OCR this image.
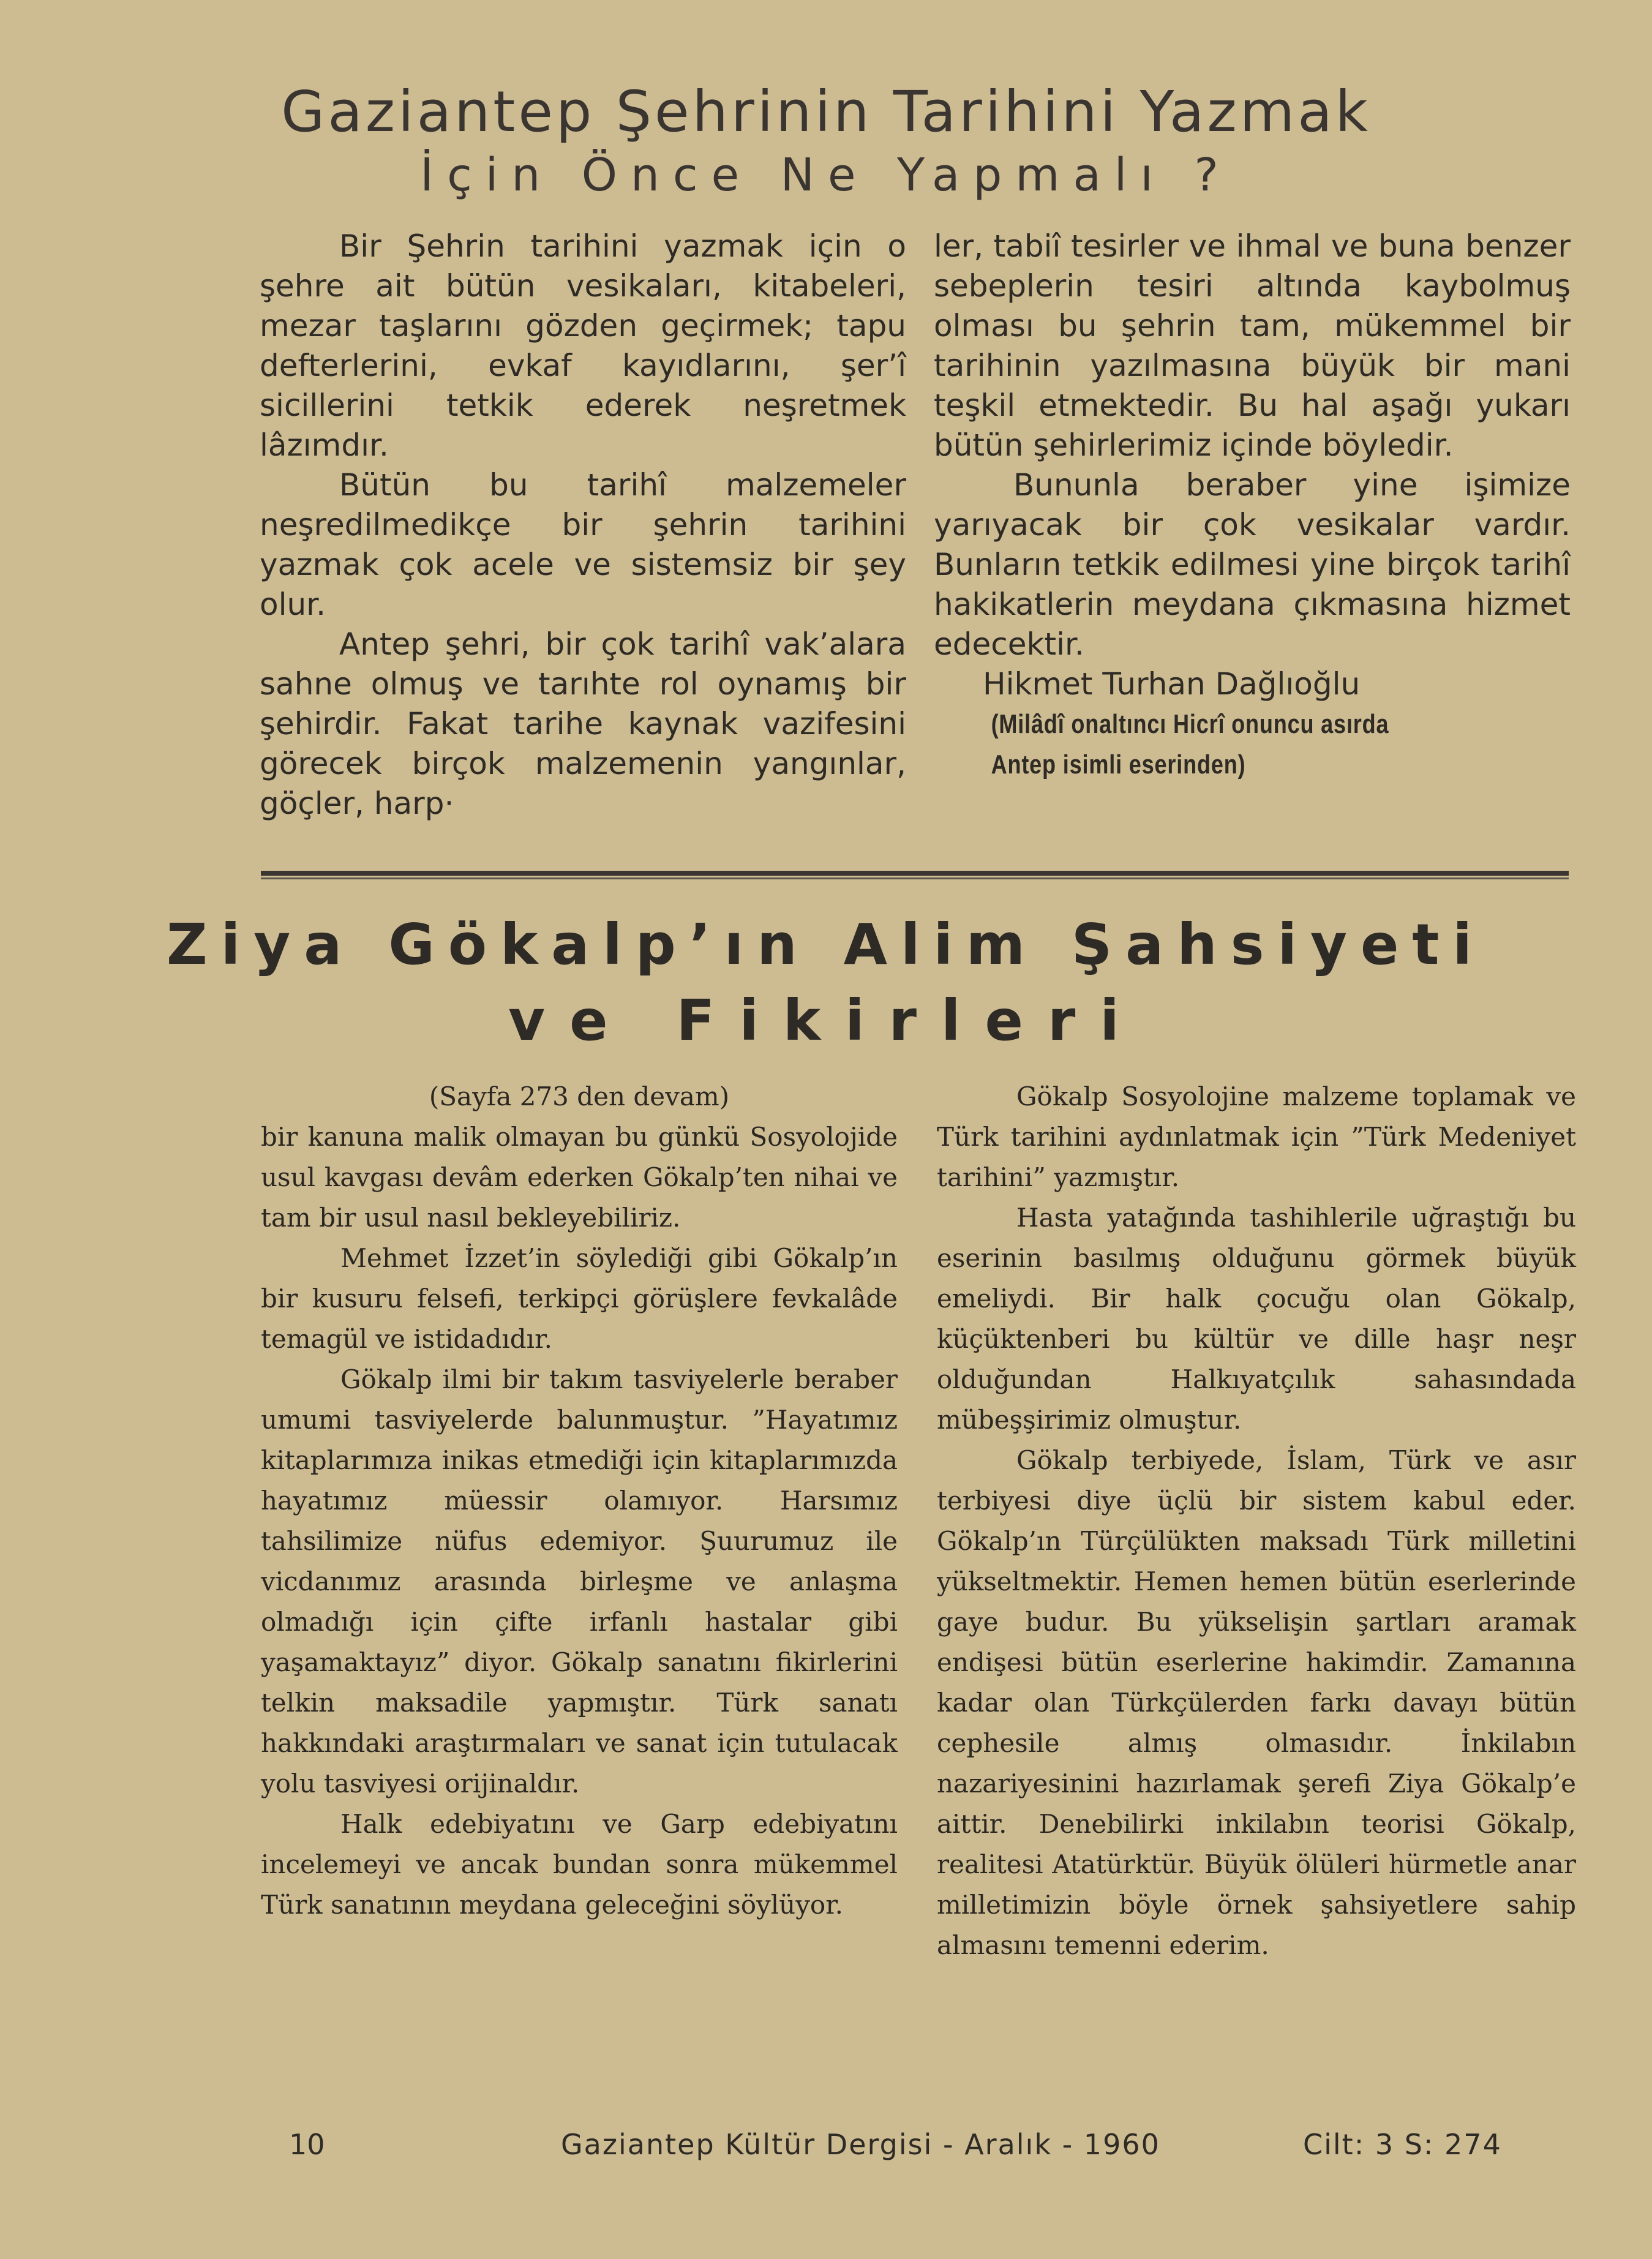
Gaziantep Şehrinin Tarihini Yazmak
İçin Önce Ne Yapmalı ?

Bir Şehrin tarihini yazmak için o şehre ait bütün vesikaları, kitabeleri, mezar taşlarını gözden geçirmek; tapu defterlerini, evkaf kayıdlarını, şer’î sicillerini tetkik ederek neşretmek lâzımdır.

Bütün bu tarihî malzemeler neşredilmedikçe bir şehrin tarihini yazmak çok acele ve sistemsiz bir şey olur.

Antep şehri, bir çok tarihî vak’alara sahne olmuş ve tarıhte rol oynamış bir şehirdir. Fakat tarihe kaynak vazifesini görecek birçok malzemenin yangınlar, göçler, harp·

ler, tabiî tesirler ve ihmal ve buna benzer sebeplerin tesiri altında kaybolmuş olması bu şehrin tam, mükemmel bir tarihinin yazılmasına büyük bir mani teşkil etmektedir. Bu hal aşağı yukarı bütün şehirlerimiz içinde böyledir.

Bununla beraber yine işimize yarıyacak bir çok vesikalar vardır. Bunların tetkik edilmesi yine birçok tarihî hakikatlerin meydana çıkmasına hizmet edecektir.

Hikmet Turhan Dağlıoğlu

(Milâdî onaltıncı Hicrî onuncu asırda

Antep isimli eserinden)

Ziya Gökalp’ın Alim Şahsiyeti
ve Fikirleri

(Sayfa 273 den devam)

bir kanuna malik olmayan bu günkü Sosyolojide usul kavgası devâm ederken Gökalp’ten nihai ve tam bir usul nasıl bekleyebiliriz.

Mehmet İzzet’in söylediği gibi Gökalp’ın bir kusuru felsefi, terkipçi görüşlere fevkalâde temagül ve istidadıdır.

Gökalp ilmi bir takım tasviyelerle beraber umumi tasviyelerde balunmuştur. ”Hayatımız kitaplarımıza inikas etmediği için kitaplarımızda hayatımız müessir olamıyor. Harsımız tahsilimize nüfus edemiyor. Şuurumuz ile vicdanımız arasında birleşme ve anlaşma olmadığı için çifte irfanlı hastalar gibi yaşamaktayız” diyor. Gökalp sanatını fikirlerini telkin maksadile yapmıştır. Türk sanatı hakkındaki araştırmaları ve sanat için tutulacak yolu tasviyesi orijinaldır.

Halk edebiyatını ve Garp edebiyatını incelemeyi ve ancak bundan sonra mükemmel Türk sanatının meydana geleceğini söylüyor.

Gökalp Sosyolojine malzeme toplamak ve Türk tarihini aydınlatmak için ”Türk Medeniyet tarihini” yazmıştır.

Hasta yatağında tashihlerile uğraştığı bu eserinin basılmış olduğunu görmek büyük emeliydi. Bir halk çocuğu olan Gökalp, küçüktenberi bu kültür ve dille haşr neşr olduğundan Halkıyatçılık sahasındada mübeşşirimiz olmuştur.

Gökalp terbiyede, İslam, Türk ve asır terbiyesi diye üçlü bir sistem kabul eder. Gökalp’ın Türçülükten maksadı Türk milletini yükseltmektir. Hemen hemen bütün eserlerinde gaye budur. Bu yükselişin şartları aramak endişesi bütün eserlerine hakimdir. Zamanına kadar olan Türkçülerden farkı davayı bütün cephesile almış olmasıdır. İnkilabın nazariyesinini hazırlamak şerefi Ziya Gökalp’e aittir. Denebilirki inkilabın teorisi Gökalp, realitesi Atatürktür. Büyük ölüleri hürmetle anar milletimizin böyle örnek şahsiyetlere sahip almasını temenni ederim.

10	Gaziantep Kültür Dergisi - Aralık - 1960	Cilt: 3 S: 274
